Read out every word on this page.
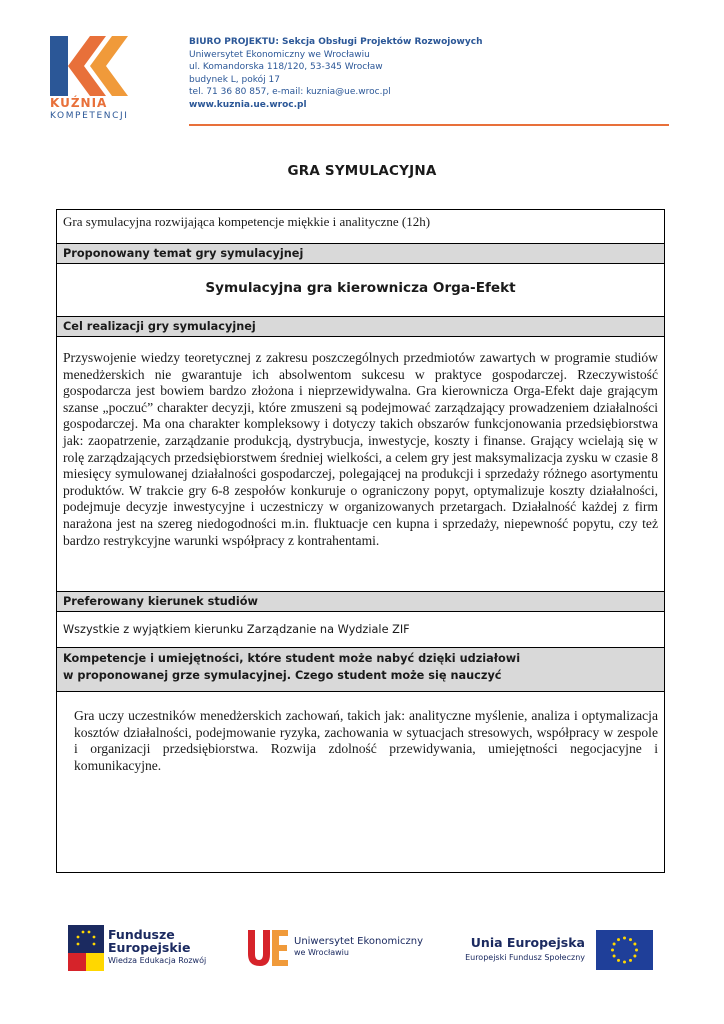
KUŹNIA
KOMPETENCJI
BIURO PROJEKTU: Sekcja Obsługi Projektów Rozwojowych
Uniwersytet Ekonomiczny we Wrocławiu
ul. Komandorska 118/120, 53-345 Wrocław
budynek L, pokój 17
tel. 71 36 80 857, e-mail: kuznia@ue.wroc.pl
www.kuznia.ue.wroc.pl
GRA SYMULACYJNA
Gra symulacyjna rozwijająca kompetencje miękkie i analityczne (12h)
Proponowany temat gry symulacyjnej
Symulacyjna gra kierownicza Orga-Efekt
Cel realizacji gry symulacyjnej

Przyswojenie wiedzy teoretycznej z zakresu poszczególnych przedmiotów zawartych w programie studiów menedżerskich nie gwarantuje ich absolwentom sukcesu w praktyce gospodarczej. Rzeczywistość gospodarcza jest bowiem bardzo złożona i nieprzewidywalna. Gra kierownicza Orga-Efekt daje grającym szanse „poczuć” charakter decyzji, które zmuszeni są podejmować zarządzający prowadzeniem działalności gospodarczej. Ma ona charakter kompleksowy i dotyczy takich obszarów funkcjonowania przedsiębiorstwa jak: zaopatrzenie, zarządzanie produkcją, dystrybucja, inwestycje, koszty i finanse. Grający wcielają się w rolę zarządzających przedsiębiorstwem średniej wielkości, a celem gry jest maksymalizacja zysku w czasie 8 miesięcy symulowanej działalności gospodarczej, polegającej na produkcji i sprzedaży różnego asortymentu produktów. W trakcie gry 6-8 zespołów konkuruje o ograniczony popyt, optymalizuje koszty działalności, podejmuje decyzje inwestycyjne i uczestniczy w organizowanych przetargach. Działalność każdej z firm narażona jest na szereg niedogodności m.in. fluktuacje cen kupna i sprzedaży, niepewność popytu, czy też bardzo restrykcyjne warunki współpracy z kontrahentami.

Preferowany kierunek studiów
Wszystkie z wyjątkiem kierunku Zarządzanie na Wydziale ZIF
Kompetencje i umiejętności, które student może nabyć dzięki udziałowi
w proponowanej grze symulacyjnej. Czego student może się nauczyć

Gra uczy uczestników menedżerskich zachowań, takich jak: analityczne myślenie, analiza i optymalizacja kosztów działalności, podejmowanie ryzyka, zachowania w sytuacjach stresowych, współpracy w zespole i organizacji przedsiębiorstwa. Rozwija zdolność przewidywania, umiejętności negocjacyjne i komunikacyjne.

Fundusze
Europejskie
Wiedza Edukacja Rozwój
Uniwersytet Ekonomiczny
we Wrocławiu
Unia Europejska
Europejski Fundusz Społeczny
